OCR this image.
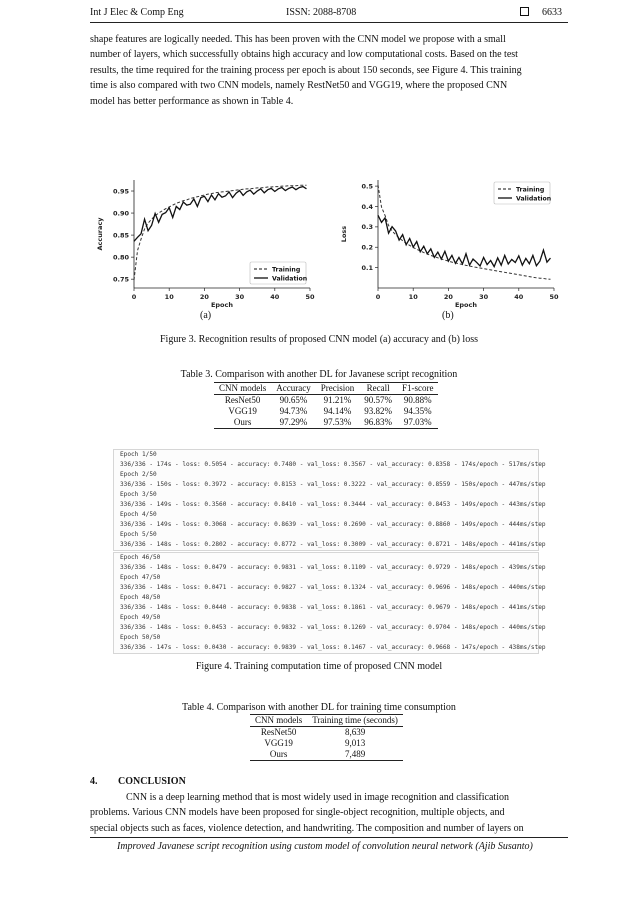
Int J Elec & Comp Eng	ISSN: 2088-8708	6633
shape features are logically needed. This has been proven with the CNN model we propose with a small
number of layers, which successfully obtains high accuracy and low computational costs. Based on the test
results, the time required for the training process per epoch is about 150 seconds, see Figure 4. This training
time is also compared with two CNN models, namely RestNet50 and VGG19, where the proposed CNN
model has better performance as shown in Table 4.
0	10	20	30	40	50
0.75
0.80
0.85
0.90
0.95
Epoch
Accuracy
Training
Validation
0	10	20	30	40	50
0.1
0.2
0.3
0.4
0.5
Epoch
Loss
Training
Validation
(a)	(b)
Figure 3. Recognition results of proposed CNN model (a) accuracy and (b) loss
Table 3. Comparison with another DL for Javanese script recognition
CNN models	Accuracy	Precision	Recall	F1-score
ResNet50	90.65%	91.21%	90.57%	90.88%
VGG19	94.73%	94.14%	93.82%	94.35%
Ours	97.29%	97.53%	96.83%	97.03%
Epoch 1/50
336/336 - 174s - loss: 0.5054 - accuracy: 0.7480 - val_loss: 0.3567 - val_accuracy: 0.8358 - 174s/epoch - 517ms/step
Epoch 2/50
336/336 - 150s - loss: 0.3972 - accuracy: 0.8153 - val_loss: 0.3222 - val_accuracy: 0.8559 - 150s/epoch - 447ms/step
Epoch 3/50
336/336 - 149s - loss: 0.3560 - accuracy: 0.8410 - val_loss: 0.3444 - val_accuracy: 0.8453 - 149s/epoch - 443ms/step
Epoch 4/50
336/336 - 149s - loss: 0.3068 - accuracy: 0.8639 - val_loss: 0.2690 - val_accuracy: 0.8860 - 149s/epoch - 444ms/step
Epoch 5/50
336/336 - 148s - loss: 0.2802 - accuracy: 0.8772 - val_loss: 0.3009 - val_accuracy: 0.8721 - 148s/epoch - 441ms/step
Epoch 46/50
336/336 - 148s - loss: 0.0479 - accuracy: 0.9831 - val_loss: 0.1109 - val_accuracy: 0.9729 - 148s/epoch - 439ms/step
Epoch 47/50
336/336 - 148s - loss: 0.0471 - accuracy: 0.9827 - val_loss: 0.1324 - val_accuracy: 0.9696 - 148s/epoch - 440ms/step
Epoch 48/50
336/336 - 148s - loss: 0.0440 - accuracy: 0.9838 - val_loss: 0.1861 - val_accuracy: 0.9679 - 148s/epoch - 441ms/step
Epoch 49/50
336/336 - 148s - loss: 0.0453 - accuracy: 0.9832 - val_loss: 0.1269 - val_accuracy: 0.9704 - 148s/epoch - 440ms/step
Epoch 50/50
336/336 - 147s - loss: 0.0430 - accuracy: 0.9839 - val_loss: 0.1467 - val_accuracy: 0.9668 - 147s/epoch - 438ms/step
Figure 4. Training computation time of proposed CNN model
Table 4. Comparison with another DL for training time consumption
CNN models	Training time (seconds)
ResNet50	8,639
VGG19	9,013
Ours	7,489
4. CONCLUSION
CNN is a deep learning method that is most widely used in image recognition and classification
problems. Various CNN models have been proposed for single-object recognition, multiple objects, and
special objects such as faces, violence detection, and handwriting. The composition and number of layers on
Improved Javanese script recognition using custom model of convolution neural network (Ajib Susanto)
